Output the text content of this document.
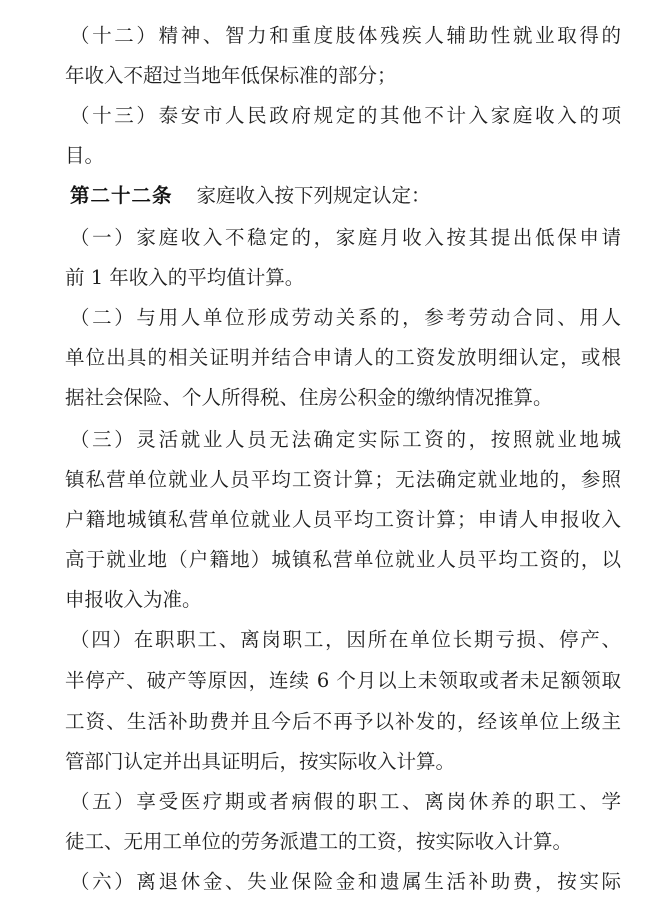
（十二）精神、智力和重度肢体残疾人辅助性就业取得的
年收入不超过当地年低保标准的部分；
（十三）泰安市人民政府规定的其他不计入家庭收入的项
目。
第二十二条 家庭收入按下列规定认定：
（一）家庭收入不稳定的，家庭月收入按其提出低保申请
前 1 年收入的平均值计算。
（二）与用人单位形成劳动关系的，参考劳动合同、用人
单位出具的相关证明并结合申请人的工资发放明细认定，或根
据社会保险、个人所得税、住房公积金的缴纳情况推算。
（三）灵活就业人员无法确定实际工资的，按照就业地城
镇私营单位就业人员平均工资计算；无法确定就业地的，参照
户籍地城镇私营单位就业人员平均工资计算；申请人申报收入
高于就业地（户籍地）城镇私营单位就业人员平均工资的，以
申报收入为准。
（四）在职职工、离岗职工，因所在单位长期亏损、停产、
半停产、破产等原因，连续 6 个月以上未领取或者未足额领取
工资、生活补助费并且今后不再予以补发的，经该单位上级主
管部门认定并出具证明后，按实际收入计算。
（五）享受医疗期或者病假的职工、离岗休养的职工、学
徒工、无用工单位的劳务派遣工的工资，按实际收入计算。
（六）离退休金、失业保险金和遗属生活补助费，按实际
